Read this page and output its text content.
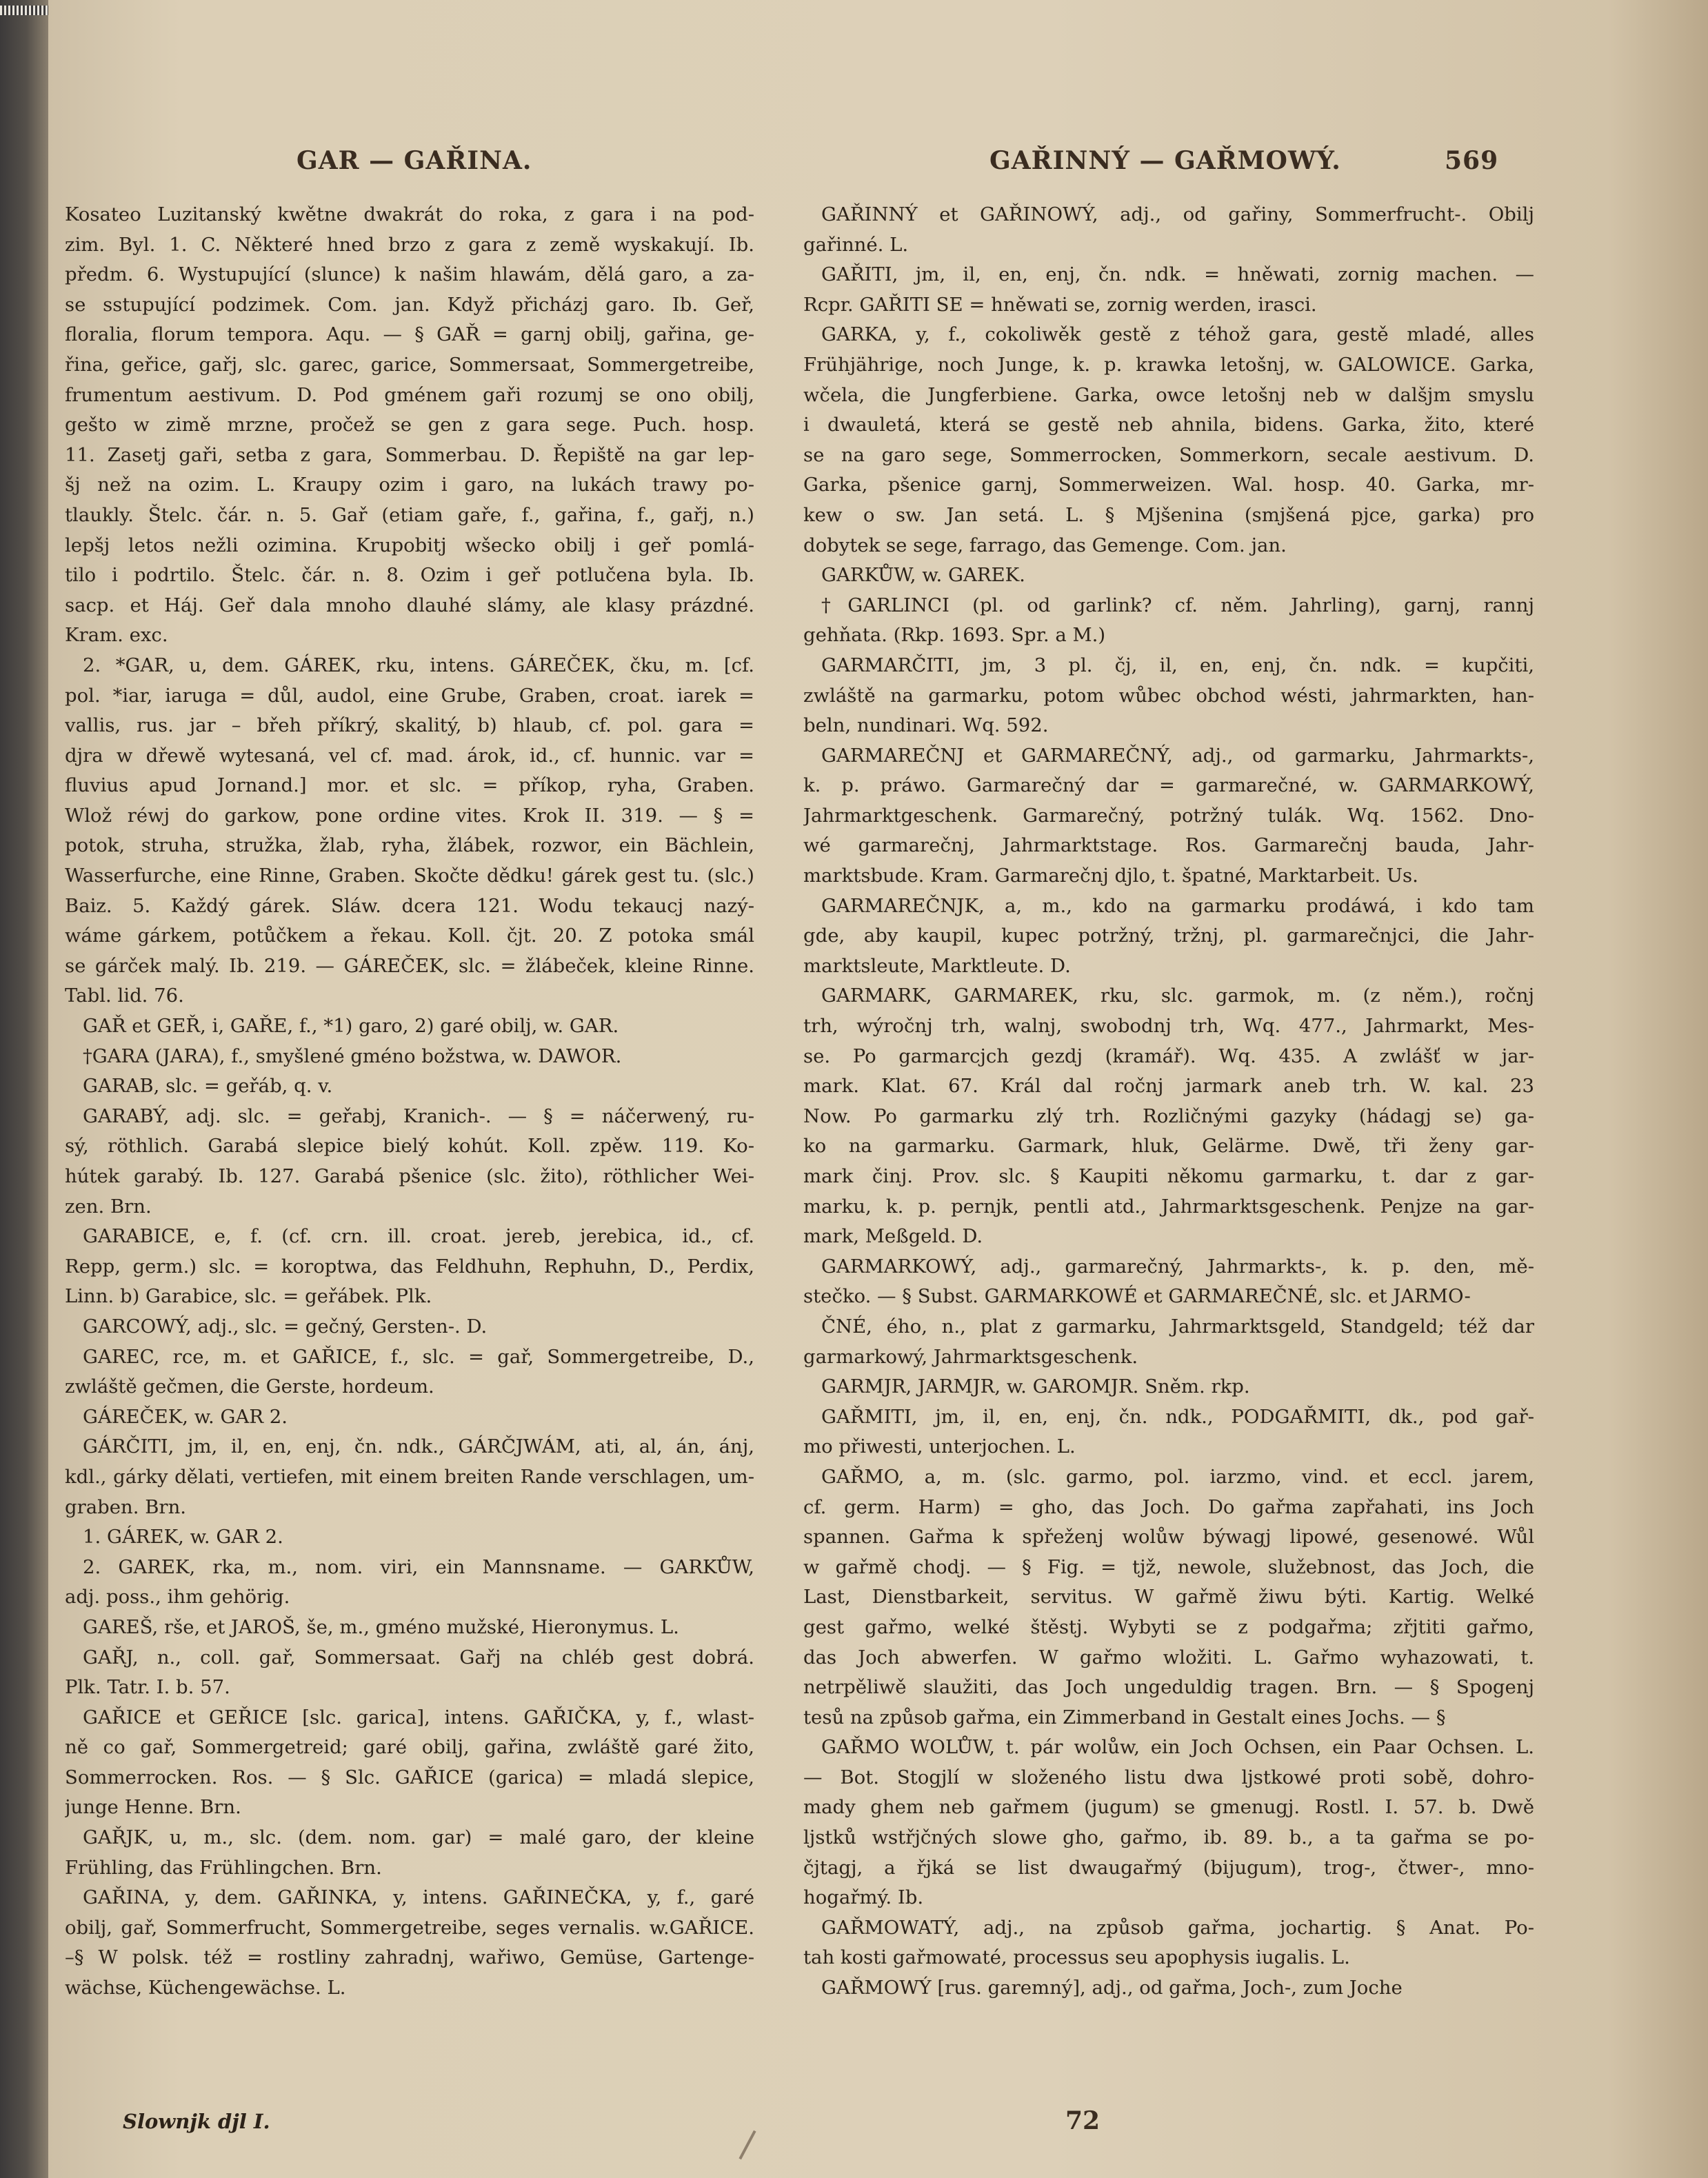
GAR — GAŘINA.	GAŘINNÝ — GAŘMOWÝ.	569
Kosateo Luzitanský kwětne dwakrát do roka, z gara i na pod-
zim. Byl. 1. C. Některé hned brzo z gara z země wyskakují. Ib.
předm. 6. Wystupující (slunce) k našim hlawám, dělá garo, a za-
se sstupující podzimek. Com. jan. Když přicházj garo. Ib. Geř,
floralia, florum tempora. Aqu. — § GAŘ = garnj obilj, gařina, ge-
řina, geřice, gařj, slc. garec, garice, Sommersaat, Sommergetreibe,
frumentum aestivum. D. Pod gménem gaři rozumj se ono obilj,
gešto w zimě mrzne, pročež se gen z gara sege. Puch. hosp.
11. Zasetj gaři, setba z gara, Sommerbau. D. Řepiště na gar lep-
šj než na ozim. L. Kraupy ozim i garo, na lukách trawy po-
tlaukly. Štelc. čár. n. 5. Gař (etiam gaře, f., gařina, f., gařj, n.)
lepšj letos nežli ozimina. Krupobitj wšecko obilj i geř pomlá-
tilo i podrtilo. Štelc. čár. n. 8. Ozim i geř potlučena byla. Ib.
sacp. et Háj. Geř dala mnoho dlauhé slámy, ale klasy prázdné.
Kram. exc.
2. *GAR, u, dem. GÁREK, rku, intens. GÁREČEK, čku, m. [cf.
pol. *iar, iaruga = důl, audol, eine Grube, Graben, croat. iarek =
vallis, rus. jar – břeh příkrý, skalitý, b) hlaub, cf. pol. gara =
djra w dřewě wytesaná, vel cf. mad. árok, id., cf. hunnic. var =
fluvius apud Jornand.] mor. et slc. = příkop, ryha, Graben.
Wlož réwj do garkow, pone ordine vites. Krok II. 319. — § =
potok, struha, stružka, žlab, ryha, žlábek, rozwor, ein Bächlein,
Wasserfurche, eine Rinne, Graben. Skočte dědku! gárek gest tu. (slc.)
Baiz. 5. Každý gárek. Sláw. dcera 121. Wodu tekaucj nazý-
wáme gárkem, potůčkem a řekau. Koll. čjt. 20. Z potoka smál
se gárček malý. Ib. 219. — GÁREČEK, slc. = žlábeček, kleine Rinne.
Tabl. lid. 76.
GAŘ et GEŘ, i, GAŘE, f., *1) garo, 2) garé obilj, w. GAR.
†GARA (JARA), f., smyšlené gméno božstwa, w. DAWOR.
GARAB, slc. = geřáb, q. v.
GARABÝ, adj. slc. = geřabj, Kranich-. — § = náčerwený, ru-
sý, röthlich. Garabá slepice bielý kohút. Koll. zpěw. 119. Ko-
hútek garabý. Ib. 127. Garabá pšenice (slc. žito), röthlicher Wei-
zen. Brn.
GARABICE, e, f. (cf. crn. ill. croat. jereb, jerebica, id., cf.
Repp, germ.) slc. = koroptwa, das Feldhuhn, Rephuhn, D., Perdix,
Linn. b) Garabice, slc. = geřábek. Plk.
GARCOWÝ, adj., slc. = gečný, Gersten-. D.
GAREC, rce, m. et GAŘICE, f., slc. = gař, Sommergetreibe, D.,
zwláště gečmen, die Gerste, hordeum.
GÁREČEK, w. GAR 2.
GÁRČITI, jm, il, en, enj, čn. ndk., GÁRČJWÁM, ati, al, án, ánj,
kdl., gárky dělati, vertiefen, mit einem breiten Rande verschlagen, um-
graben. Brn.
1. GÁREK, w. GAR 2.
2. GAREK, rka, m., nom. viri, ein Mannsname. — GARKŮW,
adj. poss., ihm gehörig.
GAREŠ, rše, et JAROŠ, še, m., gméno mužské, Hieronymus. L.
GAŘJ, n., coll. gař, Sommersaat. Gařj na chléb gest dobrá.
Plk. Tatr. I. b. 57.
GAŘICE et GEŘICE [slc. garica], intens. GAŘIČKA, y, f., wlast-
ně co gař, Sommergetreid; garé obilj, gařina, zwláště garé žito,
Sommerrocken. Ros. — § Slc. GAŘICE (garica) = mladá slepice,
junge Henne. Brn.
GAŘJK, u, m., slc. (dem. nom. gar) = malé garo, der kleine
Frühling, das Frühlingchen. Brn.
GAŘINA, y, dem. GAŘINKA, y, intens. GAŘINEČKA, y, f., garé
obilj, gař, Sommerfrucht, Sommergetreibe, seges vernalis. w.GAŘICE.
–§ W polsk. též = rostliny zahradnj, wařiwo, Gemüse, Gartenge-
wächse, Küchengewächse. L.
GAŘINNÝ et GAŘINOWÝ, adj., od gařiny, Sommerfrucht-. Obilj
gařinné. L.
GAŘITI, jm, il, en, enj, čn. ndk. = hněwati, zornig machen. —
Rcpr. GAŘITI SE = hněwati se, zornig werden, irasci.
GARKA, y, f., cokoliwěk gestě z téhož gara, gestě mladé, alles
Frühjährige, noch Junge, k. p. krawka letošnj, w. GALOWICE. Garka,
wčela, die Jungferbiene. Garka, owce letošnj neb w dalšjm smyslu
i dwauletá, která se gestě neb ahnila, bidens. Garka, žito, které
se na garo sege, Sommerrocken, Sommerkorn, secale aestivum. D.
Garka, pšenice garnj, Sommerweizen. Wal. hosp. 40. Garka, mr-
kew o sw. Jan setá. L. § Mjšenina (smjšená pjce, garka) pro
dobytek se sege, farrago, das Gemenge. Com. jan.
GARKŮW, w. GAREK.
†GARLINCI (pl. od garlink? cf. něm. Jahrling), garnj, rannj
gehňata. (Rkp. 1693. Spr. a M.)
GARMARČITI, jm, 3 pl. čj, il, en, enj, čn. ndk. = kupčiti,
zwláště na garmarku, potom wůbec obchod wésti, jahrmarkten, han-
beln, nundinari. Wq. 592.
GARMAREČNJ et GARMAREČNÝ, adj., od garmarku, Jahrmarkts-,
k. p. práwo. Garmarečný dar = garmarečné, w. GARMARKOWÝ,
Jahrmarktgeschenk. Garmarečný, potržný tulák. Wq. 1562. Dno-
wé garmarečnj, Jahrmarktstage. Ros. Garmarečnj bauda, Jahr-
marktsbude. Kram. Garmarečnj djlo, t. špatné, Marktarbeit. Us.
GARMAREČNJK, a, m., kdo na garmarku prodáwá, i kdo tam
gde, aby kaupil, kupec potržný, tržnj, pl. garmarečnjci, die Jahr-
marktsleute, Marktleute. D.
GARMARK, GARMAREK, rku, slc. garmok, m. (z něm.), ročnj
trh, wýročnj trh, walnj, swobodnj trh, Wq. 477., Jahrmarkt, Mes-
se. Po garmarcjch gezdj (kramář). Wq. 435. A zwlášť w jar-
mark. Klat. 67. Král dal ročnj jarmark aneb trh. W. kal. 23
Now. Po garmarku zlý trh. Rozličnými gazyky (hádagj se) ga-
ko na garmarku. Garmark, hluk, Gelärme. Dwě, tři ženy gar-
mark činj. Prov. slc. § Kaupiti někomu garmarku, t. dar z gar-
marku, k. p. pernjk, pentli atd., Jahrmarktsgeschenk. Penjze na gar-
mark, Meßgeld. D.
GARMARKOWÝ, adj., garmarečný, Jahrmarkts-, k. p. den, mě-
stečko. — § Subst. GARMARKOWÉ et GARMAREČNÉ, slc. et JARMO-
ČNÉ, ého, n., plat z garmarku, Jahrmarktsgeld, Standgeld; též dar
garmarkowý, Jahrmarktsgeschenk.
GARMJR, JARMJR, w. GAROMJR. Sněm. rkp.
GAŘMITI, jm, il, en, enj, čn. ndk., PODGAŘMITI, dk., pod gař-
mo přiwesti, unterjochen. L.
GAŘMO, a, m. (slc. garmo, pol. iarzmo, vind. et eccl. jarem,
cf. germ. Harm) = gho, das Joch. Do gařma zapřahati, ins Joch
spannen. Gařma k spřeženj wolůw býwagj lipowé, gesenowé. Wůl
w gařmě chodj. — § Fig. = tjž, newole, služebnost, das Joch, die
Last, Dienstbarkeit, servitus. W gařmě žiwu býti. Kartig. Welké
gest gařmo, welké štěstj. Wybyti se z podgařma; zřjtiti gařmo,
das Joch abwerfen. W gařmo wložiti. L. Gařmo wyhazowati, t.
netrpěliwě slaužiti, das Joch ungeduldig tragen. Brn. — § Spogenj
tesů na způsob gařma, ein Zimmerband in Gestalt eines Jochs. — §
GAŘMO WOLŮW, t. pár wolůw, ein Joch Ochsen, ein Paar Ochsen. L.
— Bot. Stogjlí w složeného listu dwa ljstkowé proti sobě, dohro-
mady ghem neb gařmem (jugum) se gmenugj. Rostl. I. 57. b. Dwě
ljstků wstřjčných slowe gho, gařmo, ib. 89. b., a ta gařma se po-
čjtagj, a řjká se list dwaugařmý (bijugum), trog-, čtwer-, mno-
hogařmý. Ib.
GAŘMOWATÝ, adj., na způsob gařma, jochartig. § Anat. Po-
tah kosti gařmowaté, processus seu apophysis iugalis. L.
GAŘMOWÝ [rus. garemný], adj., od gařma, Joch-, zum Joche
Slownjk djl I.	72
